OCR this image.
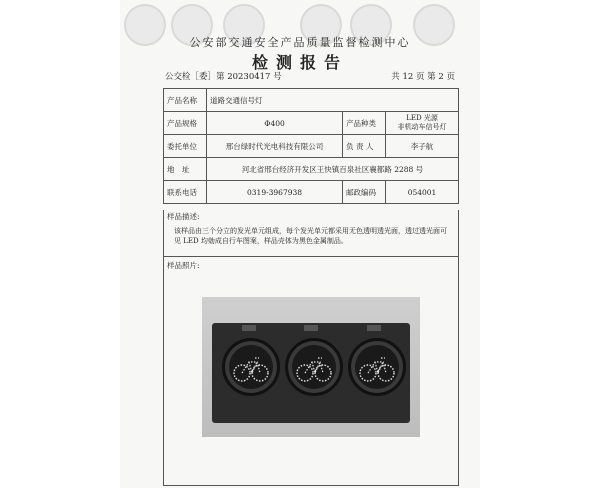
公安部交通安全产品质量监督检测中心
检测报告
公交检［委］第 20230417 号	共 12 页 第 2 页
产品名称	道路交通信号灯		
产品规格	Φ400	产品种类	LED 光源
非机动车信号灯

委托单位	邢台绿时代光电科技有限公司	负 责 人	李子航
地　址	河北省邢台经济开发区王快镇百泉社区襄都路 2288 号		
联系电话	0319-3967938	邮政编码	054001
样品描述:
该样品由三个分立的发光单元组成，每个发光单元都采用无色透明透光面，透过透光面可见 LED 均勀成自行车图案，样品壳体为黑色金属制品。
样品照片:
